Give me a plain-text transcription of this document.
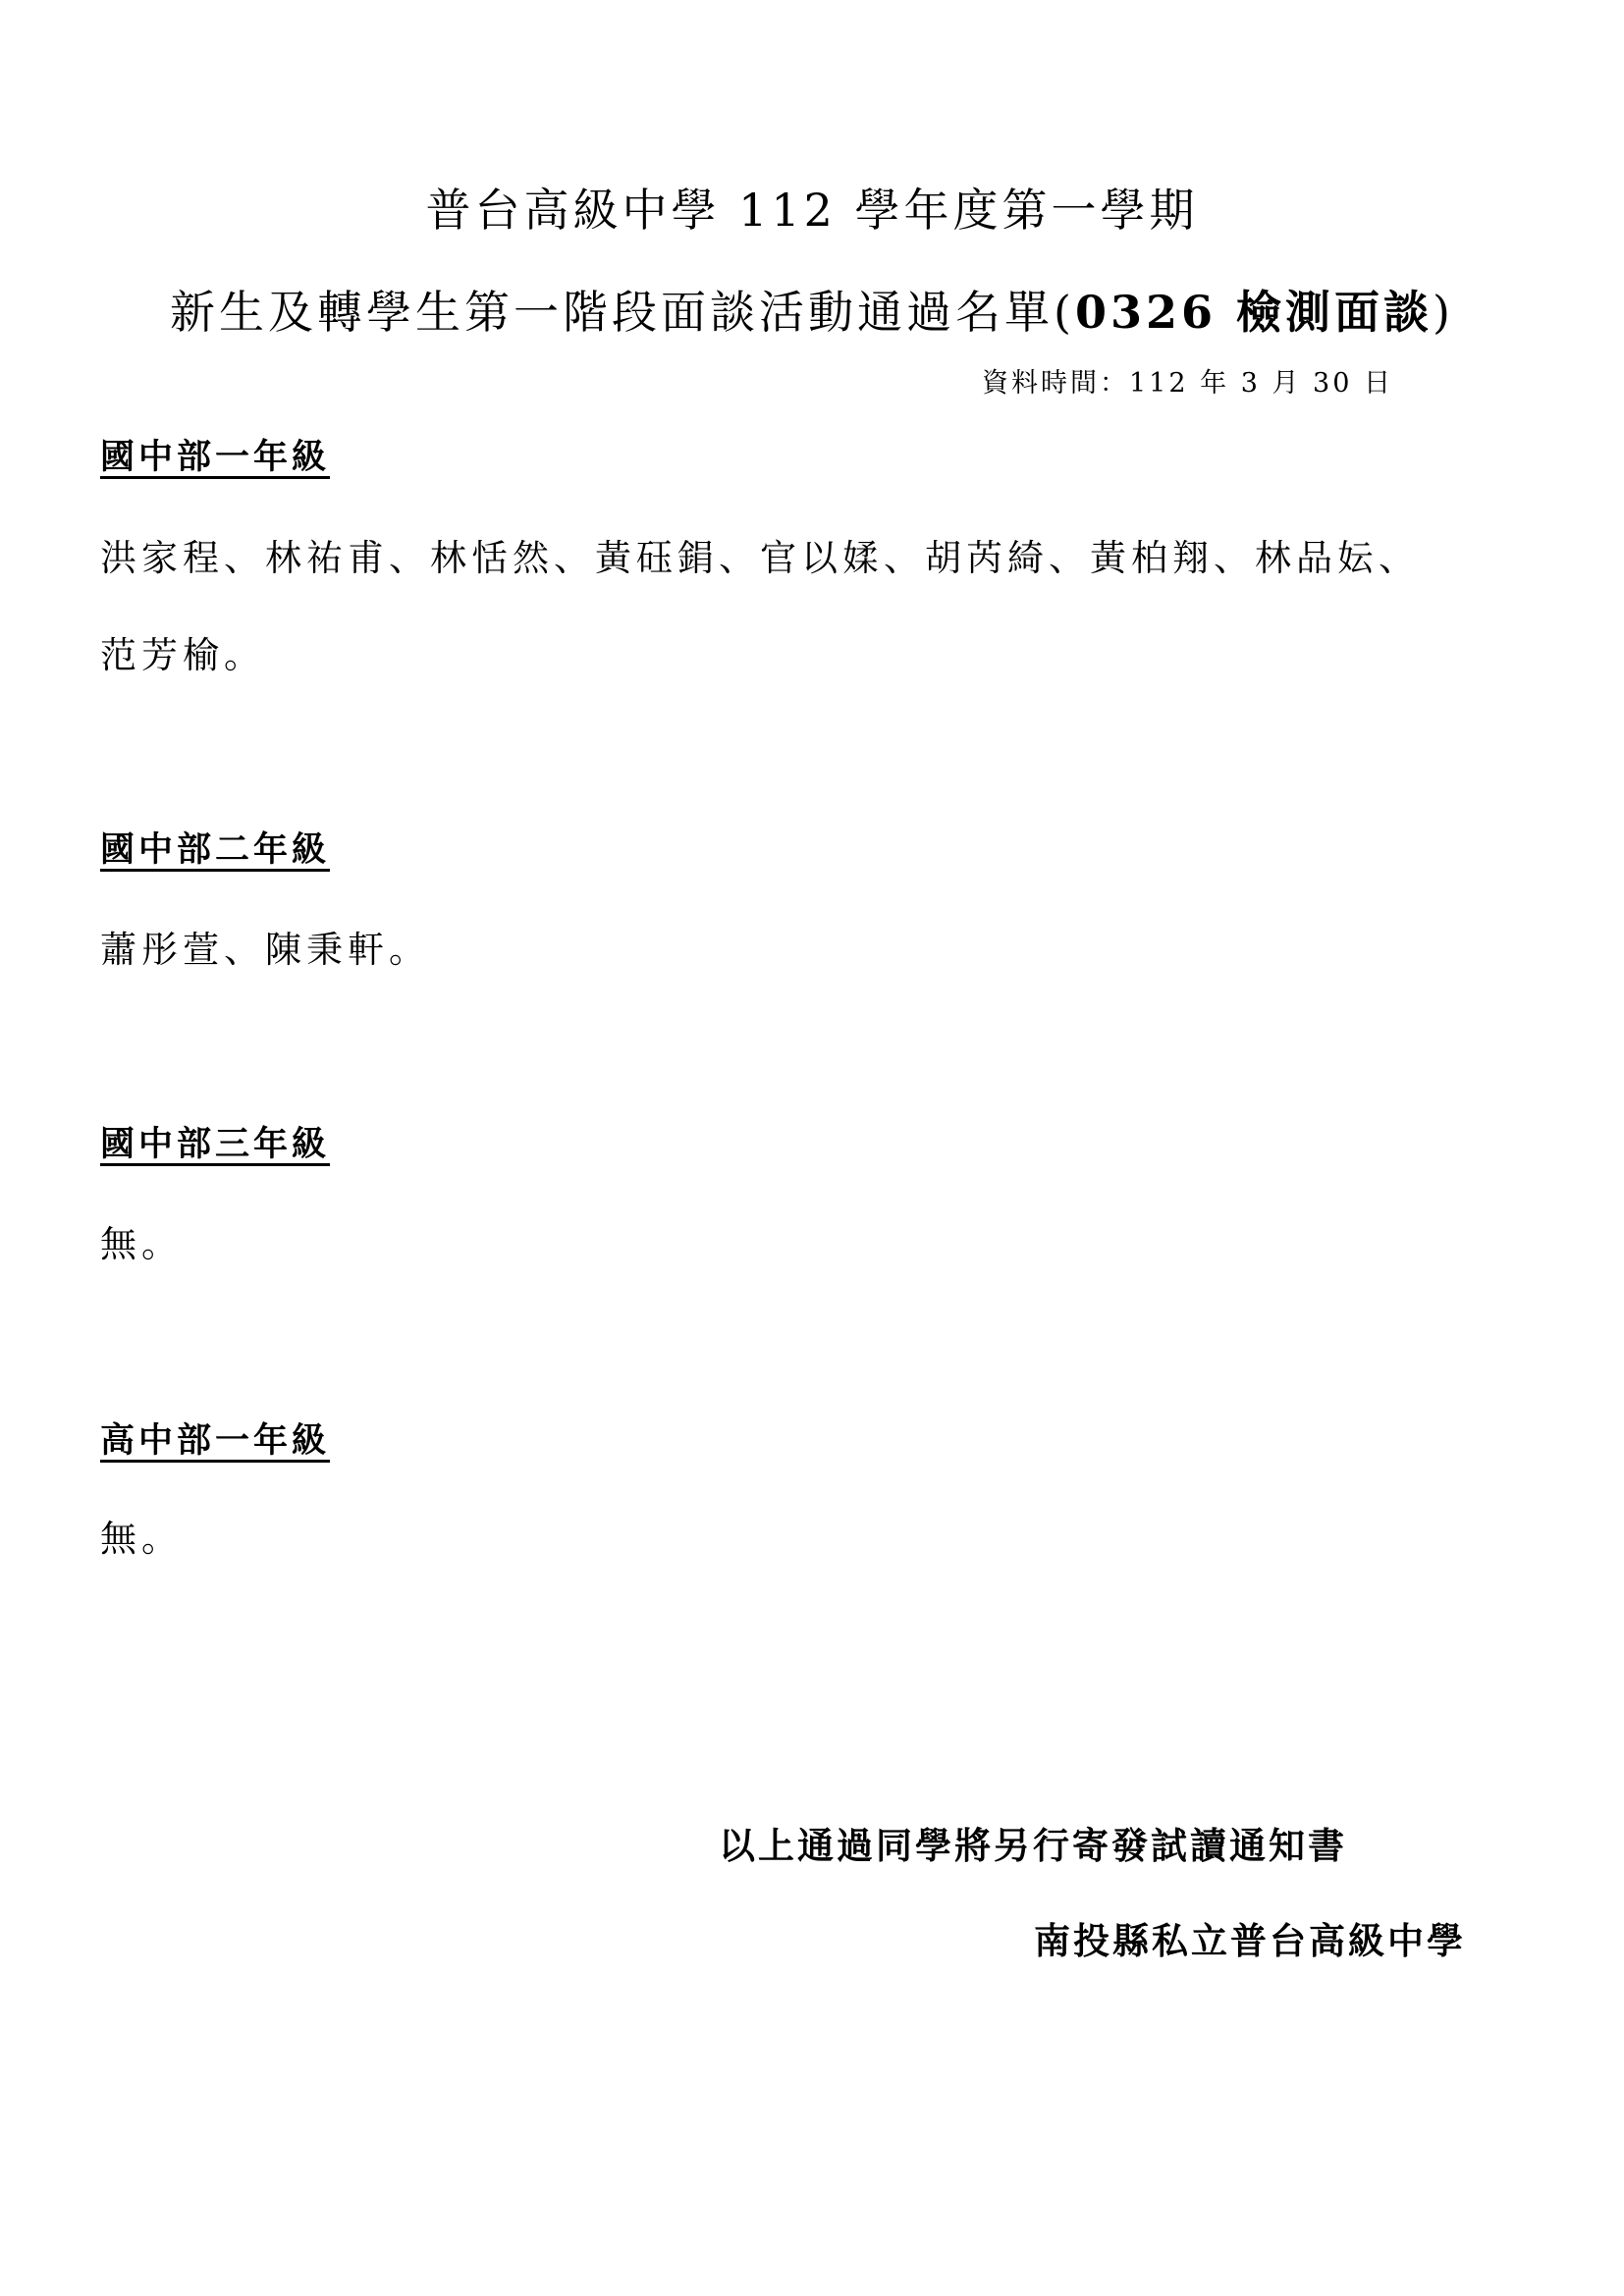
普台高級中學 112 學年度第一學期
新生及轉學生第一階段面談活動通過名單(0326 檢測面談)
資料時間：112 年 3 月 30 日
國中部一年級
洪家程、林祐甫、林恬然、黃砡鋗、官以媃、胡芮綺、黃柏翔、林品妘、
范芳榆。
國中部二年級
蕭彤萱、陳秉軒。
國中部三年級
無。
高中部一年級
無。
以上通過同學將另行寄發試讀通知書
南投縣私立普台高級中學
